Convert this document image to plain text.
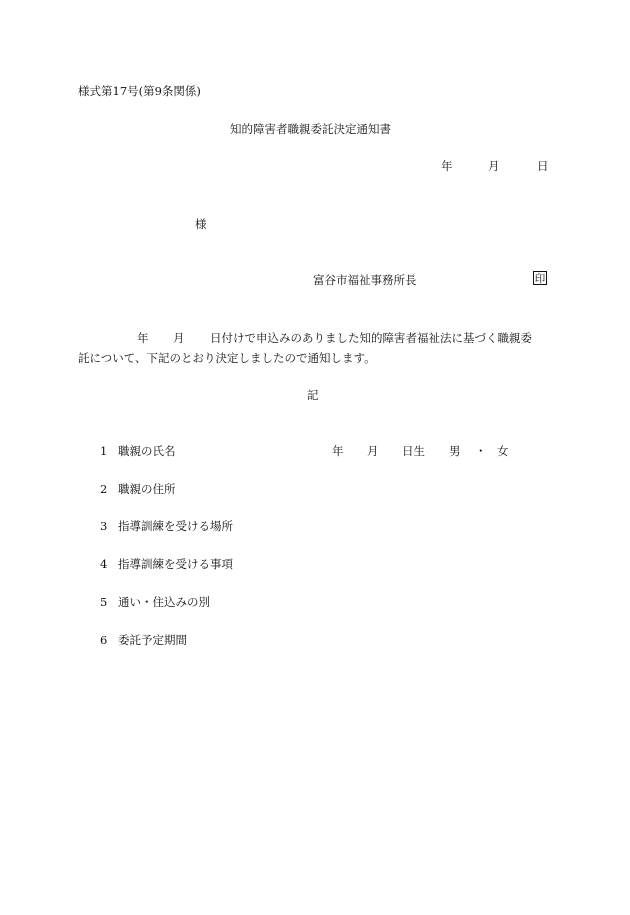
様式第17号(第9条関係)
知的障害者職親委託決定通知書
年	月	日
様
富谷市福祉事務所長	印
年 月 日付けで申込みのありました知的障害者福祉法に基づく職親委
託について、下記のとおり決定しましたので通知します。
記
1 職親の氏名	年 月 日生 男 ・ 女
2 職親の住所
3 指導訓練を受ける場所
4 指導訓練を受ける事項
5 通い・住込みの別
6 委託予定期間
